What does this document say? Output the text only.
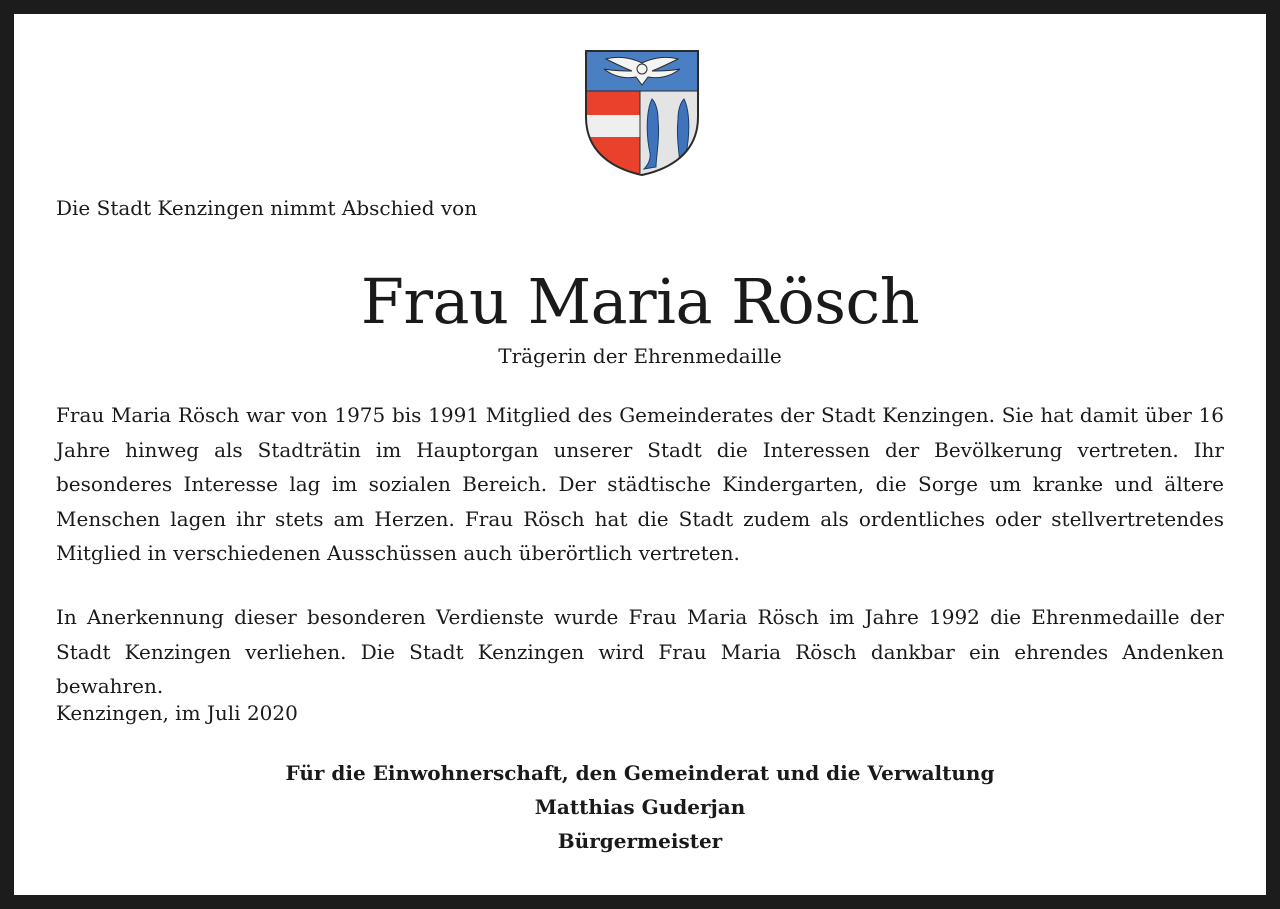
Die Stadt Kenzingen nimmt Abschied von
Frau Maria Rösch
Trägerin der Ehrenmedaille

Frau Maria Rösch war von 1975 bis 1991 Mitglied des Gemeinderates der Stadt Kenzingen. Sie hat damit über 16 Jahre hinweg als Stadträtin im Hauptorgan unserer Stadt die Interessen der Bevölkerung vertreten. Ihr besonderes Interesse lag im sozialen Bereich. Der städtische Kindergarten, die Sorge um kranke und ältere Menschen lagen ihr stets am Herzen. Frau Rösch hat die Stadt zudem als ordentliches oder stellvertretendes Mitglied in verschiedenen Ausschüssen auch überörtlich vertreten.

In Anerkennung dieser besonderen Verdienste wurde Frau Maria Rösch im Jahre 1992 die Ehrenmedaille der Stadt Kenzingen verliehen. Die Stadt Kenzingen wird Frau Maria Rösch dankbar ein ehrendes Andenken bewahren.

Kenzingen, im Juli 2020
Für die Einwohnerschaft, den Gemeinderat und die Verwaltung
Matthias Guderjan
Bürgermeister
